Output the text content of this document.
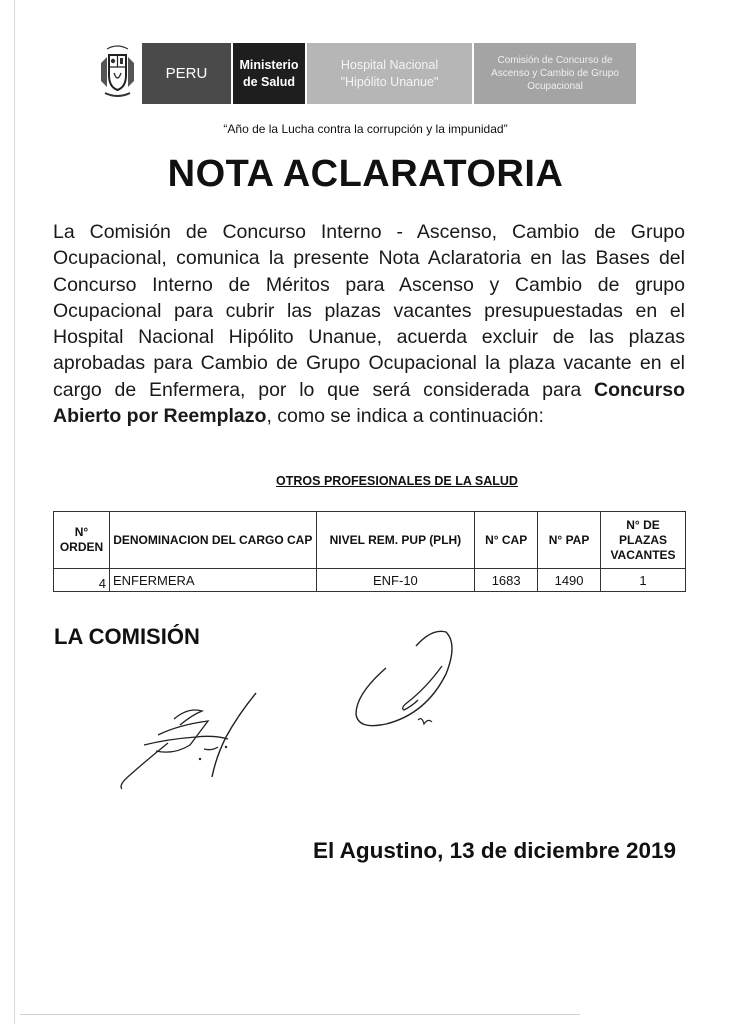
PERU
Ministerio
de Salud
Hospital Nacional
"Hipólito Unanue"
Comisión de Concurso de
Ascenso y Cambio de Grupo
Ocupacional
“Año de la Lucha contra la corrupción y la impunidad”
NOTA ACLARATORIA
La Comisión de Concurso Interno - Ascenso, Cambio de Grupo Ocupacional, comunica la presente Nota Aclaratoria en las Bases del Concurso Interno de Méritos para Ascenso y Cambio de grupo Ocupacional para cubrir las plazas vacantes presupuestadas en el Hospital Nacional Hipólito Unanue, acuerda excluir de las plazas aprobadas para Cambio de Grupo Ocupacional la plaza vacante en el cargo de Enfermera, por lo que será considerada para Concurso Abierto por Reemplazo, como se indica a continuación:
OTROS PROFESIONALES DE LA SALUD
N° ORDEN	DENOMINACION DEL CARGO CAP	NIVEL REM. PUP (PLH)	N° CAP	N° PAP	N° DE PLAZAS VACANTES
4	ENFERMERA	ENF-10	1683	1490	1
LA COMISIÓN
El Agustino, 13 de diciembre 2019
